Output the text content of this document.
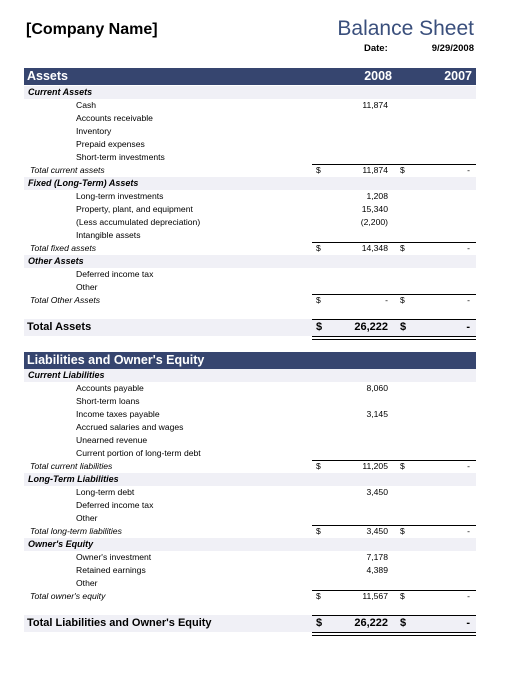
[Company Name]	Balance Sheet
Date:	9/29/2008
Assets	2008	2007
Current Assets
Cash	11,874
Accounts receivable
Inventory
Prepaid expenses
Short-term investments
Total current assets	$	11,874 $	-
Fixed (Long-Term) Assets
Long-term investments	1,208
Property, plant, and equipment	15,340
(Less accumulated depreciation)	(2,200)
Intangible assets
Total fixed assets	$	14,348 $	-
Other Assets
Deferred income tax
Other
Total Other Assets	$	- $	-
Total Assets	$	26,222 $	-
Liabilities and Owner's Equity
Current Liabilities
Accounts payable	8,060
Short-term loans
Income taxes payable	3,145
Accrued salaries and wages
Unearned revenue
Current portion of long-term debt
Total current liabilities	$	11,205 $	-
Long-Term Liabilities
Long-term debt	3,450
Deferred income tax
Other
Total long-term liabilities	$	3,450 $	-
Owner's Equity
Owner's investment	7,178
Retained earnings	4,389
Other
Total owner's equity	$	11,567 $	-
Total Liabilities and Owner's Equity	$	26,222 $	-
